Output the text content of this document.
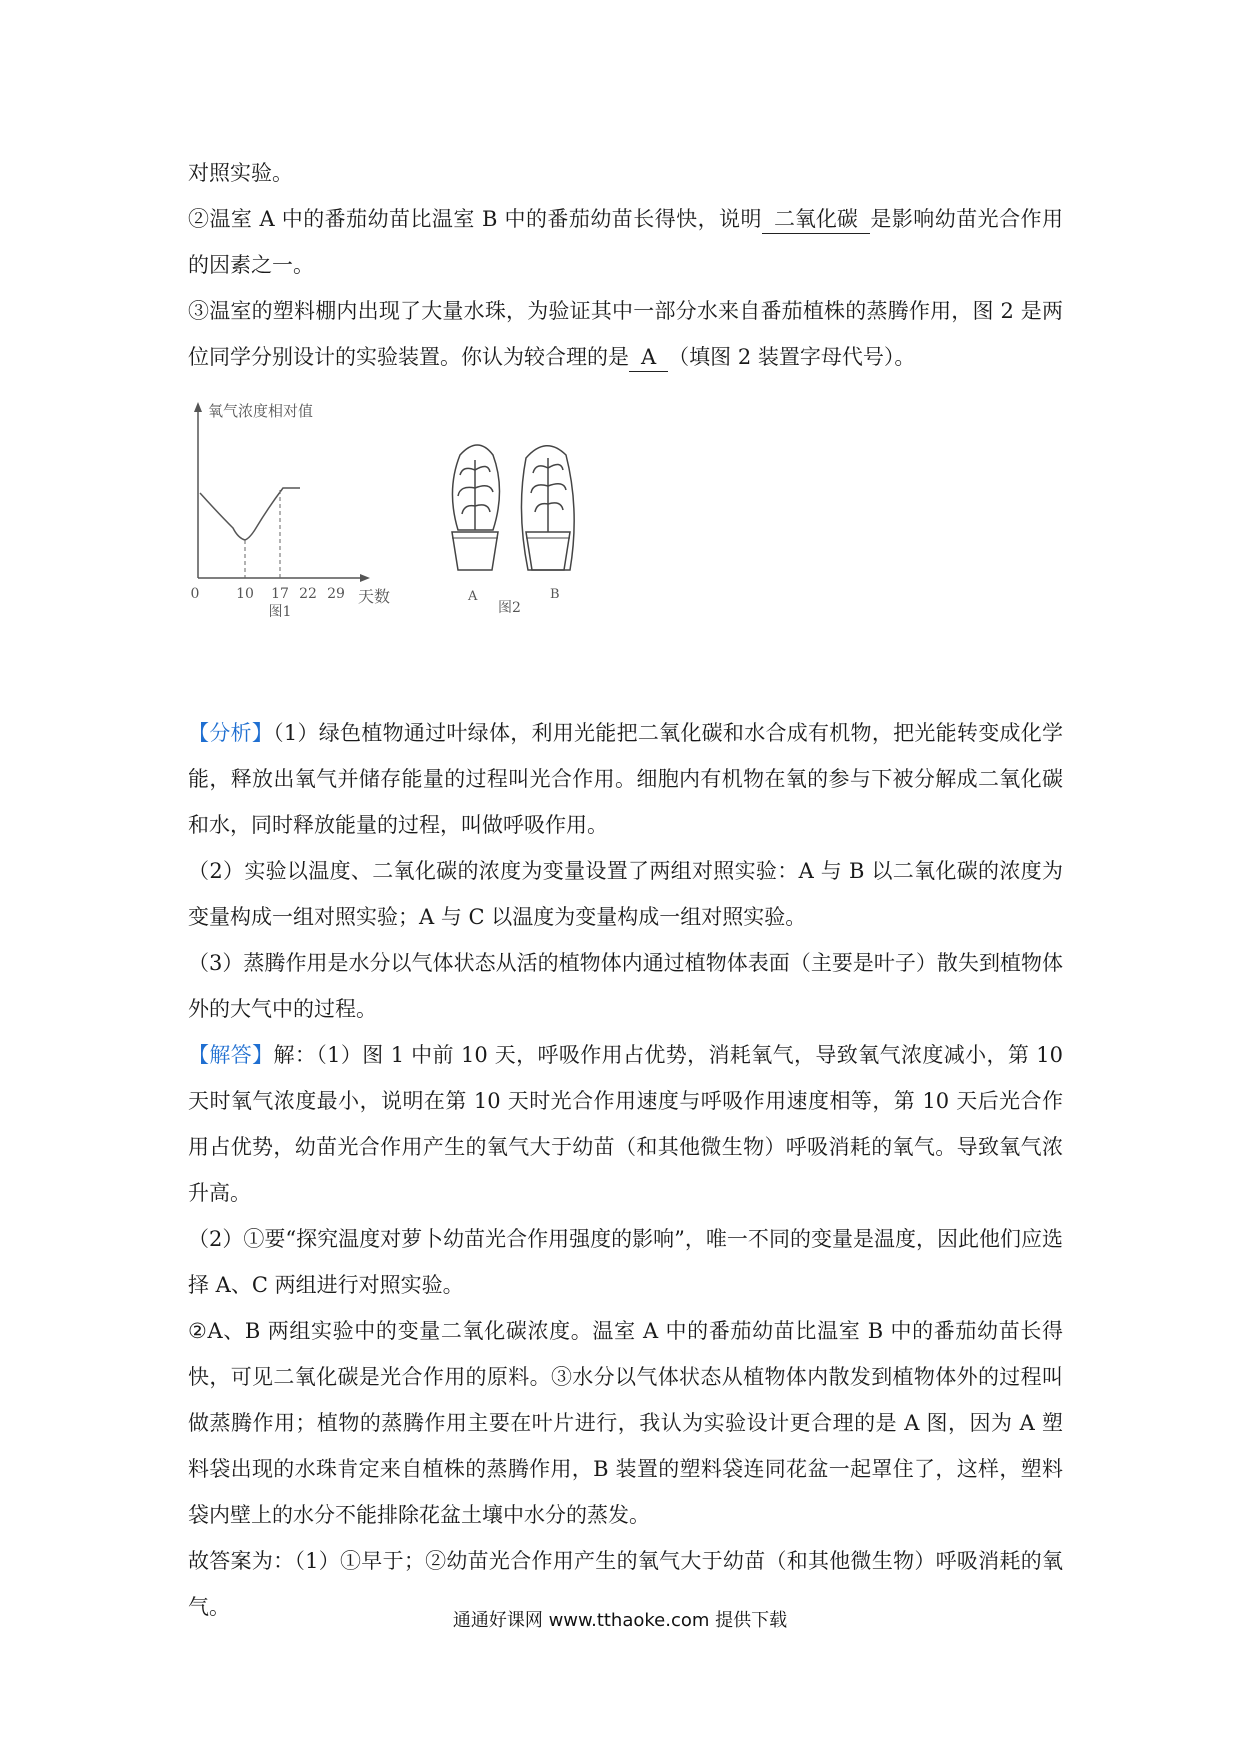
对照实验。

②温室 A 中的番茄幼苗比温室 B 中的番茄幼苗长得快，说明 二氧化碳 是影响幼苗光合作用的因素之一。

③温室的塑料棚内出现了大量水珠，为验证其中一部分水来自番茄植株的蒸腾作用，图 2 是两位同学分别设计的实验装置。你认为较合理的是 A （填图 2 装置字母代号）。

氧气浓度相对值
0	10 17 22 29 天数
图1
A	B
图2

【分析】（1）绿色植物通过叶绿体，利用光能把二氧化碳和水合成有机物，把光能转变成化学能，释放出氧气并储存能量的过程叫光合作用。细胞内有机物在氧的参与下被分解成二氧化碳和水，同时释放能量的过程，叫做呼吸作用。

（2）实验以温度、二氧化碳的浓度为变量设置了两组对照实验：A 与 B 以二氧化碳的浓度为变量构成一组对照实验；A 与 C 以温度为变量构成一组对照实验。

（3）蒸腾作用是水分以气体状态从活的植物体内通过植物体表面（主要是叶子）散失到植物体外的大气中的过程。

【解答】解：（1）图 1 中前 10 天，呼吸作用占优势，消耗氧气，导致氧气浓度减小，第 10 天时氧气浓度最小，说明在第 10 天时光合作用速度与呼吸作用速度相等，第 10 天后光合作用占优势，幼苗光合作用产生的氧气大于幼苗（和其他微生物）呼吸消耗的氧气。导致氧气浓升高。

（2）①要“探究温度对萝卜幼苗光合作用强度的影响”，唯一不同的变量是温度，因此他们应选择 A、C 两组进行对照实验。

②A、B 两组实验中的变量二氧化碳浓度。温室 A 中的番茄幼苗比温室 B 中的番茄幼苗长得快，可见二氧化碳是光合作用的原料。③水分以气体状态从植物体内散发到植物体外的过程叫做蒸腾作用；植物的蒸腾作用主要在叶片进行，我认为实验设计更合理的是 A 图，因为 A 塑料袋出现的水珠肯定来自植株的蒸腾作用，B 装置的塑料袋连同花盆一起罩住了，这样，塑料袋内壁上的水分不能排除花盆土壤中水分的蒸发。

故答案为：（1）①早于；②幼苗光合作用产生的氧气大于幼苗（和其他微生物）呼吸消耗的氧气。

通通好课网 www.tthaoke.com 提供下载
